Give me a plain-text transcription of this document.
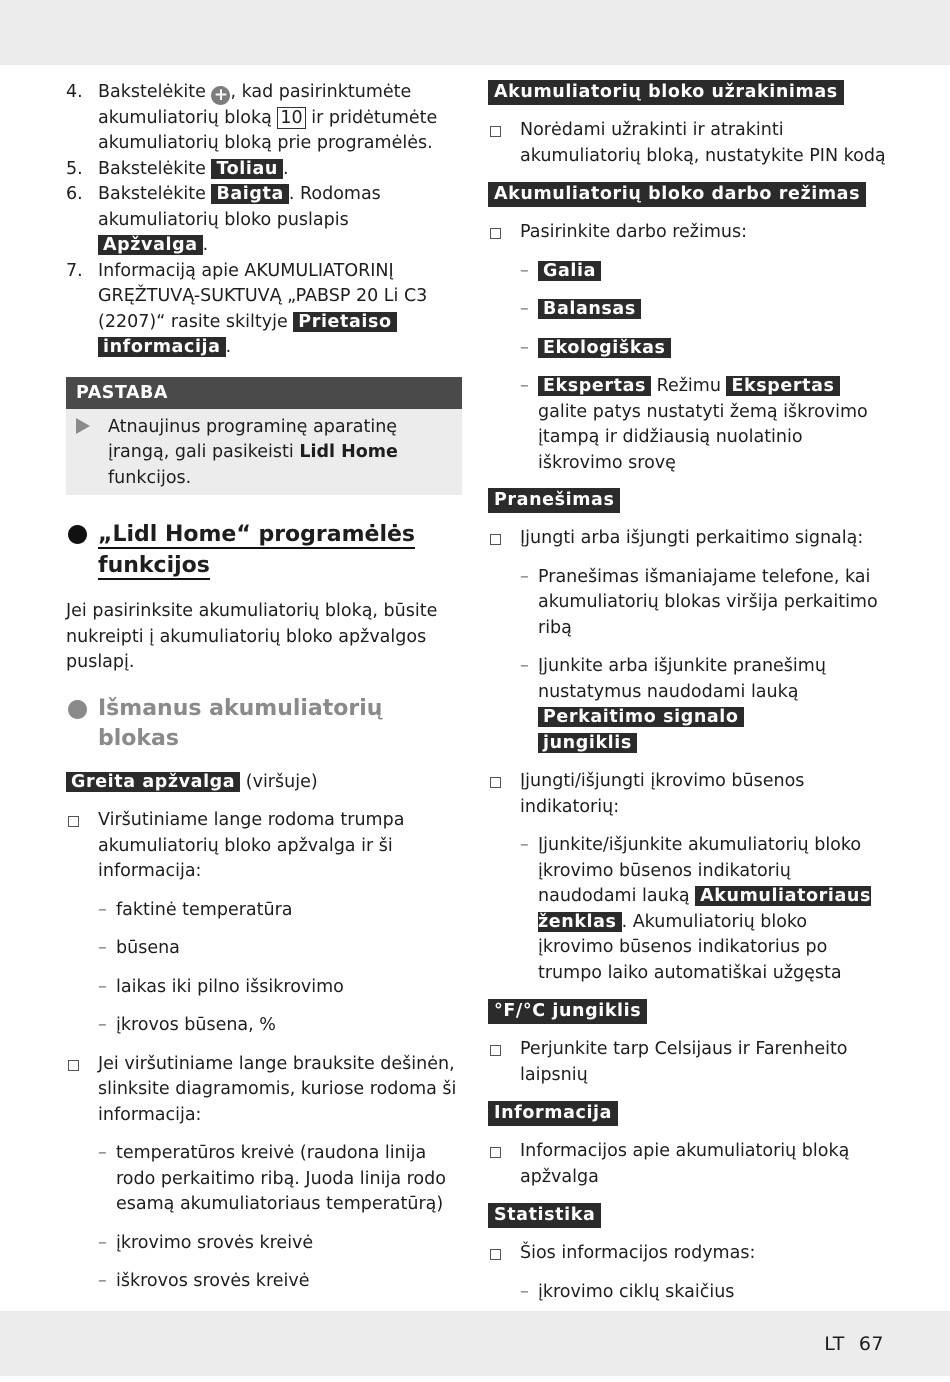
4. Bakstelėkite + , kad pasirinktumėte akumuliatorių bloką 10 ir pridėtumėte akumuliatorių bloką prie programėlės.
5. Bakstelėkite Toliau .
6. Bakstelėkite Baigta . Rodomas akumuliatorių bloko puslapis Apžvalga .
7. Informaciją apie AKUMULIATORINĮ GRĘŽTUVĄ-SUKTUVĄ „PABSP 20 Li C3 (2207)“ rasite skiltyje Prietaiso
informacija .
PASTABA
Atnaujinus programinę aparatinę įrangą, gali pasikeisti Lidl Home funkcijos.
„Lidl Home“ programėlės
funkcijos
Jei pasirinksite akumuliatorių bloką, būsite nukreipti į akumuliatorių bloko apžvalgos puslapį.
Išmanus akumuliatorių blokas
Greita apžvalga (viršuje)
Viršutiniame lange rodoma trumpa akumuliatorių bloko apžvalga ir ši informacija:
– faktinė temperatūra
– būsena
– laikas iki pilno išsikrovimo
– įkrovos būsena, %
Jei viršutiniame lange brauksite dešinėn, slinksite diagramomis, kuriose rodoma ši informacija:
– temperatūros kreivė (raudona linija rodo perkaitimo ribą. Juoda linija rodo esamą akumuliatoriaus temperatūrą)
– įkrovimo srovės kreivė
– iškrovos srovės kreivė
Akumuliatorių bloko užrakinimas
Norėdami užrakinti ir atrakinti akumuliatorių bloką, nustatykite PIN kodą
Akumuliatorių bloko darbo režimas
Pasirinkite darbo režimus:
– Galia
– Balansas
– Ekologiškas
– Ekspertas Režimu Ekspertas galite patys nustatyti žemą iškrovimo įtampą ir didžiausią nuolatinio iškrovimo srovę
Pranešimas
Įjungti arba išjungti perkaitimo signalą:
– Pranešimas išmaniajame telefone, kai akumuliatorių blokas viršija perkaitimo ribą
– Įjunkite arba išjunkite pranešimų nustatymus naudodami lauką Perkaitimo signalo
jungiklis
Įjungti/išjungti įkrovimo būsenos indikatorių:
– Įjunkite/išjunkite akumuliatorių bloko įkrovimo būsenos indikatorių naudodami lauką Akumuliatoriaus ženklas . Akumuliatorių bloko įkrovimo būsenos indikatorius po trumpo laiko automatiškai užgęsta
°F/°C jungiklis
Perjunkite tarp Celsijaus ir Farenheito laipsnių
Informacija
Informacijos apie akumuliatorių bloką apžvalga
Statistika
Šios informacijos rodymas:
– įkrovimo ciklų skaičius
LT 67
